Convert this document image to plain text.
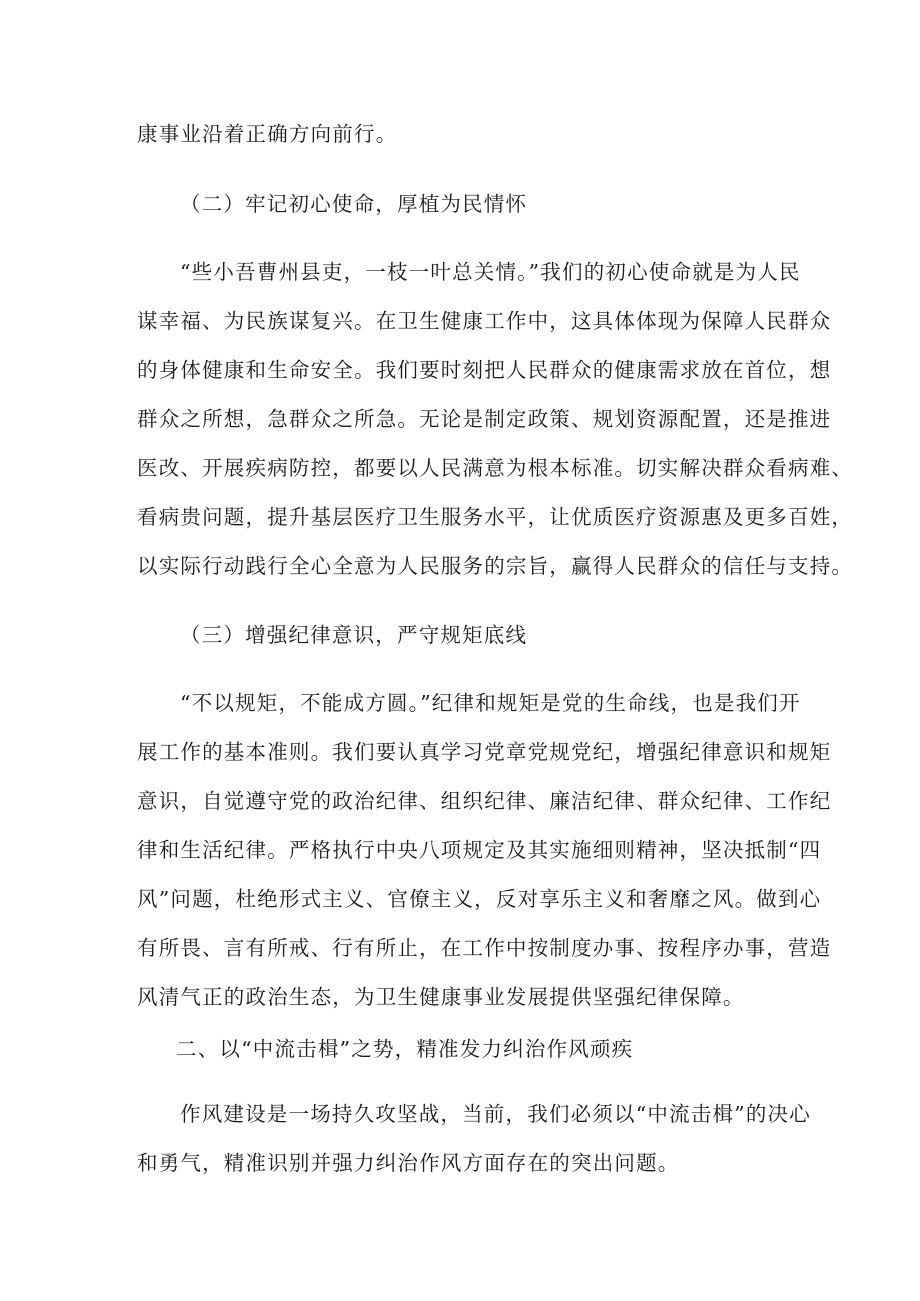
康事业沿着正确方向前行。
（二）牢记初心使命，厚植为民情怀
“些小吾曹州县吏，一枝一叶总关情。”我们的初心使命就是为人民
谋幸福、为民族谋复兴。在卫生健康工作中，这具体体现为保障人民群众
的身体健康和生命安全。我们要时刻把人民群众的健康需求放在首位，想
群众之所想，急群众之所急。无论是制定政策、规划资源配置，还是推进
医改、开展疾病防控，都要以人民满意为根本标准。切实解决群众看病难、
看病贵问题，提升基层医疗卫生服务水平，让优质医疗资源惠及更多百姓，
以实际行动践行全心全意为人民服务的宗旨，赢得人民群众的信任与支持。
（三）增强纪律意识，严守规矩底线
“不以规矩，不能成方圆。”纪律和规矩是党的生命线，也是我们开
展工作的基本准则。我们要认真学习党章党规党纪，增强纪律意识和规矩
意识，自觉遵守党的政治纪律、组织纪律、廉洁纪律、群众纪律、工作纪
律和生活纪律。严格执行中央八项规定及其实施细则精神，坚决抵制“四
风”问题，杜绝形式主义、官僚主义，反对享乐主义和奢靡之风。做到心
有所畏、言有所戒、行有所止，在工作中按制度办事、按程序办事，营造
风清气正的政治生态，为卫生健康事业发展提供坚强纪律保障。
二、以“中流击楫”之势，精准发力纠治作风顽疾
作风建设是一场持久攻坚战，当前，我们必须以“中流击楫”的决心
和勇气，精准识别并强力纠治作风方面存在的突出问题。
